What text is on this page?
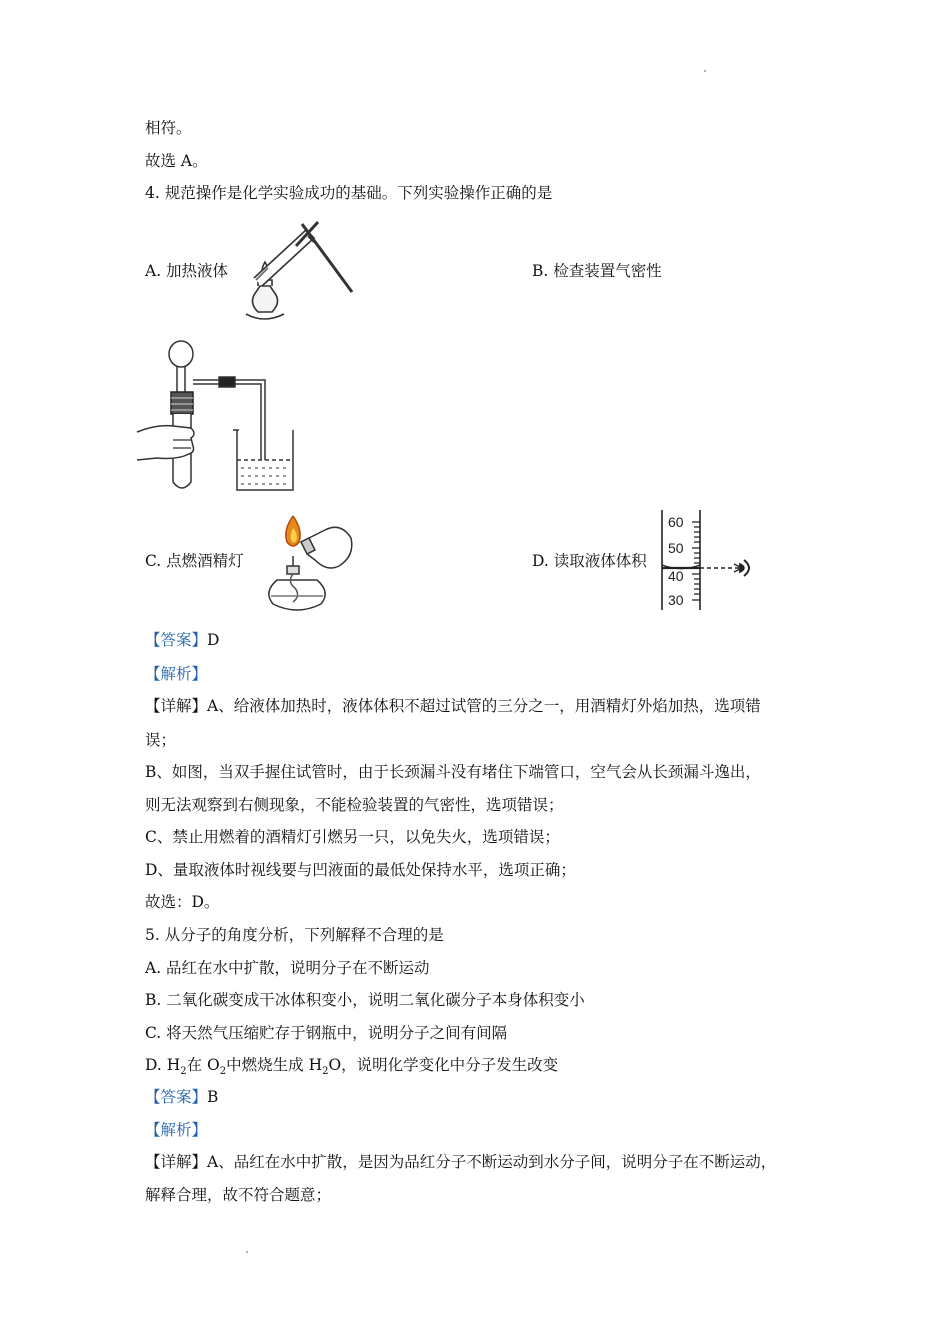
相符。
故选 A。
4. 规范操作是化学实验成功的基础。下列实验操作正确的是
A. 加热液体	B. 检查装置气密性
C. 点燃酒精灯	D. 读取液体体积
60
50
40
30
【答案】D
【解析】
【详解】A、给液体加热时，液体体积不超过试管的三分之一，用酒精灯外焰加热，选项错
误；
B、如图，当双手握住试管时，由于长颈漏斗没有堵住下端管口，空气会从长颈漏斗逸出，
则无法观察到右侧现象，不能检验装置的气密性，选项错误；
C、禁止用燃着的酒精灯引燃另一只，以免失火，选项错误；
D、量取液体时视线要与凹液面的最低处保持水平，选项正确；
故选：D。
5. 从分子的角度分析，下列解释不合理的是
A. 品红在水中扩散，说明分子在不断运动
B. 二氧化碳变成干冰体积变小，说明二氧化碳分子本身体积变小
C. 将天然气压缩贮存于钢瓶中，说明分子之间有间隔
D. $H_2$在 $O_2$中燃烧生成 $H_2O$，说明化学变化中分子发生改变
【答案】B
【解析】
【详解】A、品红在水中扩散，是因为品红分子不断运动到水分子间，说明分子在不断运动，
解释合理，故不符合题意；
